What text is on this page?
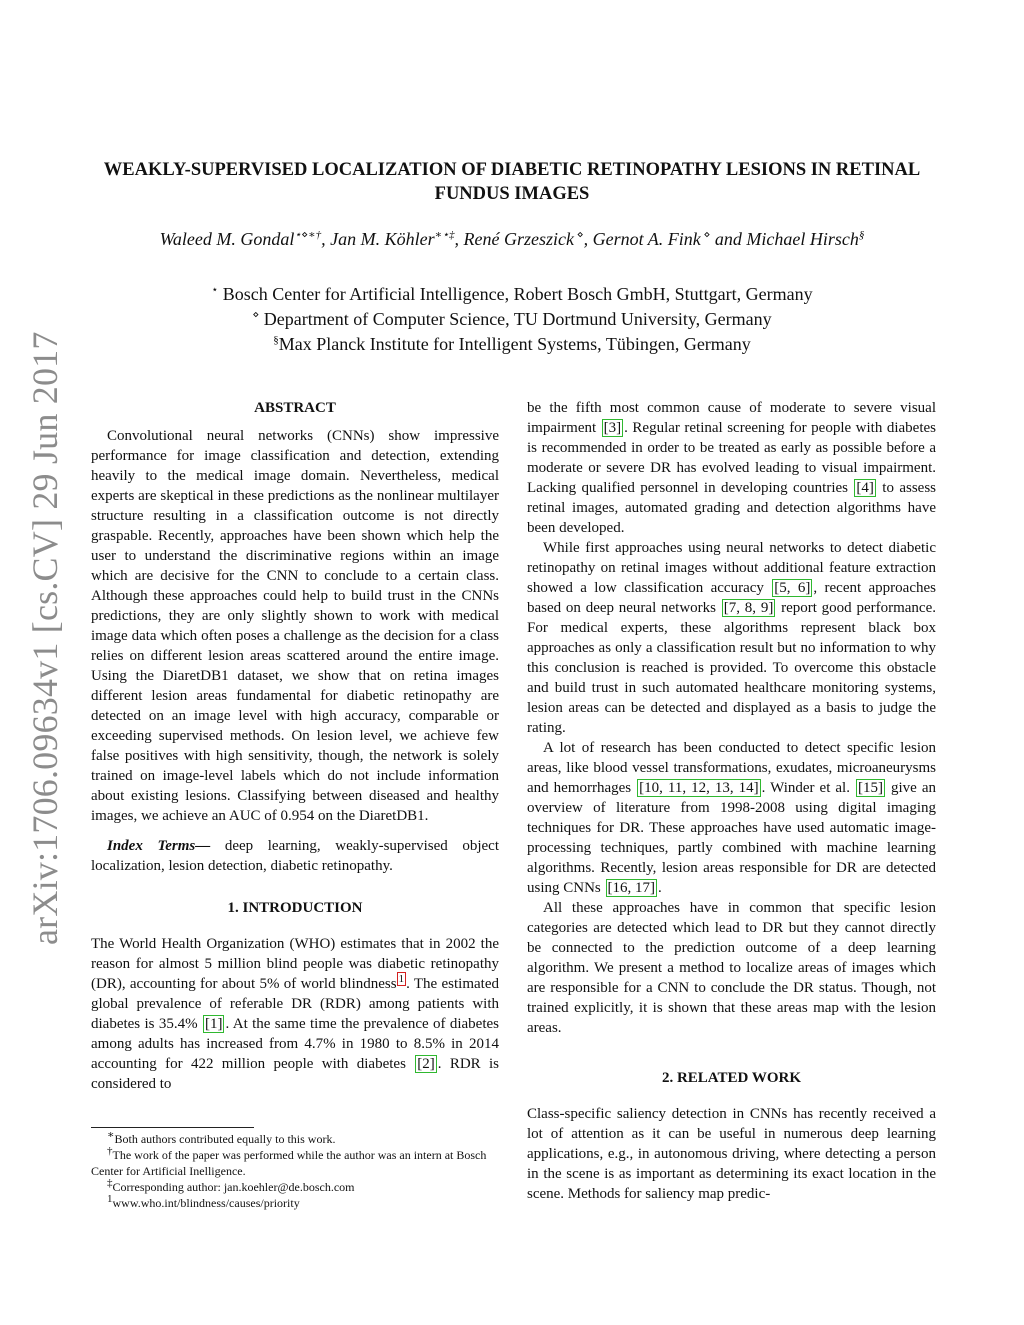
arXiv:1706.09634v1 [cs.CV] 29 Jun 2017
WEAKLY-SUPERVISED LOCALIZATION OF DIABETIC RETINOPATHY LESIONS IN RETINAL FUNDUS IMAGES
Waleed M. Gondal⋆⋄∗†, Jan M. Köhler∗⋆‡, René Grzeszick ⋄, Gernot A. Fink ⋄ and Michael Hirsch§
⋆ Bosch Center for Artificial Intelligence, Robert Bosch GmbH, Stuttgart, Germany
⋄ Department of Computer Science, TU Dortmund University, Germany
§Max Planck Institute for Intelligent Systems, Tübingen, Germany
ABSTRACT

Convolutional neural networks (CNNs) show impressive performance for image classification and detection, extending heavily to the medical image domain. Nevertheless, medical experts are skeptical in these predictions as the nonlinear multilayer structure resulting in a classification outcome is not directly graspable. Recently, approaches have been shown which help the user to understand the discriminative regions within an image which are decisive for the CNN to conclude to a certain class. Although these approaches could help to build trust in the CNNs predictions, they are only slightly shown to work with medical image data which often poses a challenge as the decision for a class relies on different lesion areas scattered around the entire image. Using the DiaretDB1 dataset, we show that on retina images different lesion areas fundamental for diabetic retinopathy are detected on an image level with high accuracy, comparable or exceeding supervised methods. On lesion level, we achieve few false positives with high sensitivity, though, the network is solely trained on image-level labels which do not include information about existing lesions. Classifying between diseased and healthy images, we achieve an AUC of 0.954 on the DiaretDB1.

Index Terms— deep learning, weakly-supervised object localization, lesion detection, diabetic retinopathy.

1. INTRODUCTION

The World Health Organization (WHO) estimates that in 2002 the reason for almost 5 million blind people was diabetic retinopathy (DR), accounting for about 5% of world blindness $^1$ . The estimated global prevalence of referable DR (RDR) among patients with diabetes is 35.4% [1] . At the same time the prevalence of diabetes among adults has increased from 4.7% in 1980 to 8.5% in 2014 accounting for 422 million people with diabetes [2] . RDR is considered to

∗Both authors contributed equally to this work.
†The work of the paper was performed while the author was an intern at Bosch Center for Artificial Inelligence.
‡Corresponding author: jan.koehler@de.bosch.com
$^1$www.who.int/blindness/causes/priority

be the fifth most common cause of moderate to severe visual impairment [3] . Regular retinal screening for people with diabetes is recommended in order to be treated as early as possible before a moderate or severe DR has evolved leading to visual impairment. Lacking qualified personnel in developing countries [4] to assess retinal images, automated grading and detection algorithms have been developed.

While first approaches using neural networks to detect diabetic retinopathy on retinal images without additional feature extraction showed a low classification accuracy [5, 6] , recent approaches based on deep neural networks [7, 8, 9] report good performance. For medical experts, these algorithms represent black box approaches as only a classification result but no information to why this conclusion is reached is provided. To overcome this obstacle and build trust in such automated healthcare monitoring systems, lesion areas can be detected and displayed as a basis to judge the rating.

A lot of research has been conducted to detect specific lesion areas, like blood vessel transformations, exudates, microaneurysms and hemorrhages [10, 11, 12, 13, 14] . Winder et al. [15] give an overview of literature from 1998-2008 using digital imaging techniques for DR. These approaches have used automatic image-processing techniques, partly combined with machine learning algorithms. Recently, lesion areas responsible for DR are detected using CNNs [16, 17] .

All these approaches have in common that specific lesion categories are detected which lead to DR but they cannot directly be connected to the prediction outcome of a deep learning algorithm. We present a method to localize areas of images which are responsible for a CNN to conclude the DR status. Though, not trained explicitly, it is shown that these areas map with the lesion areas.

2. RELATED WORK

Class-specific saliency detection in CNNs has recently received a lot of attention as it can be useful in numerous deep learning applications, e.g., in autonomous driving, where detecting a person in the scene is as important as determining its exact location in the scene. Methods for saliency map predic-
